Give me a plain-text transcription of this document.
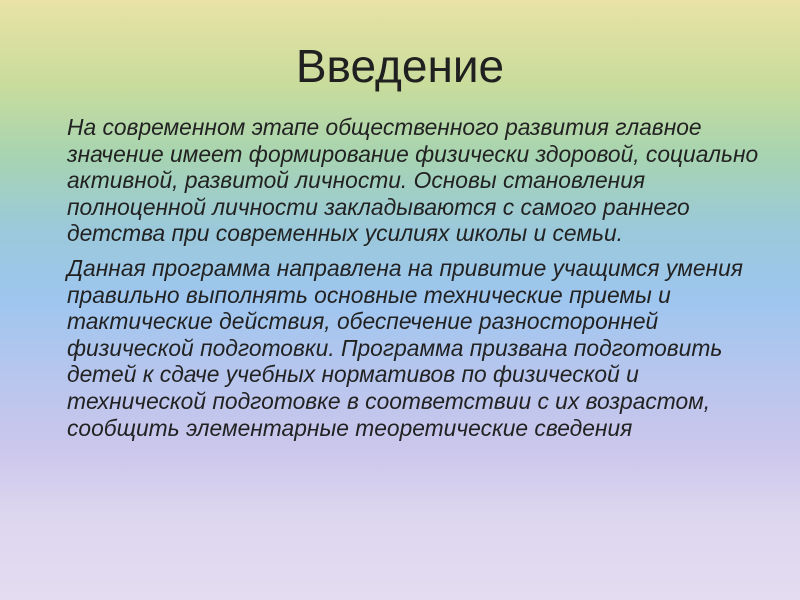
Введение

На современном этапе общественного развития главное значение имеет формирование физически здоровой, социально активной, развитой личности. Основы становления полноценной личности закладываются с самого раннего детства при современных усилиях школы и семьи.

Данная программа направлена на привитие учащимся умения правильно выполнять основные технические приемы и тактические действия, обеспечение разносторонней физической подготовки. Программа призвана подготовить детей к сдаче учебных нормативов по физической и технической подготовке в соответствии с их возрастом, сообщить элементарные теоретические сведения
